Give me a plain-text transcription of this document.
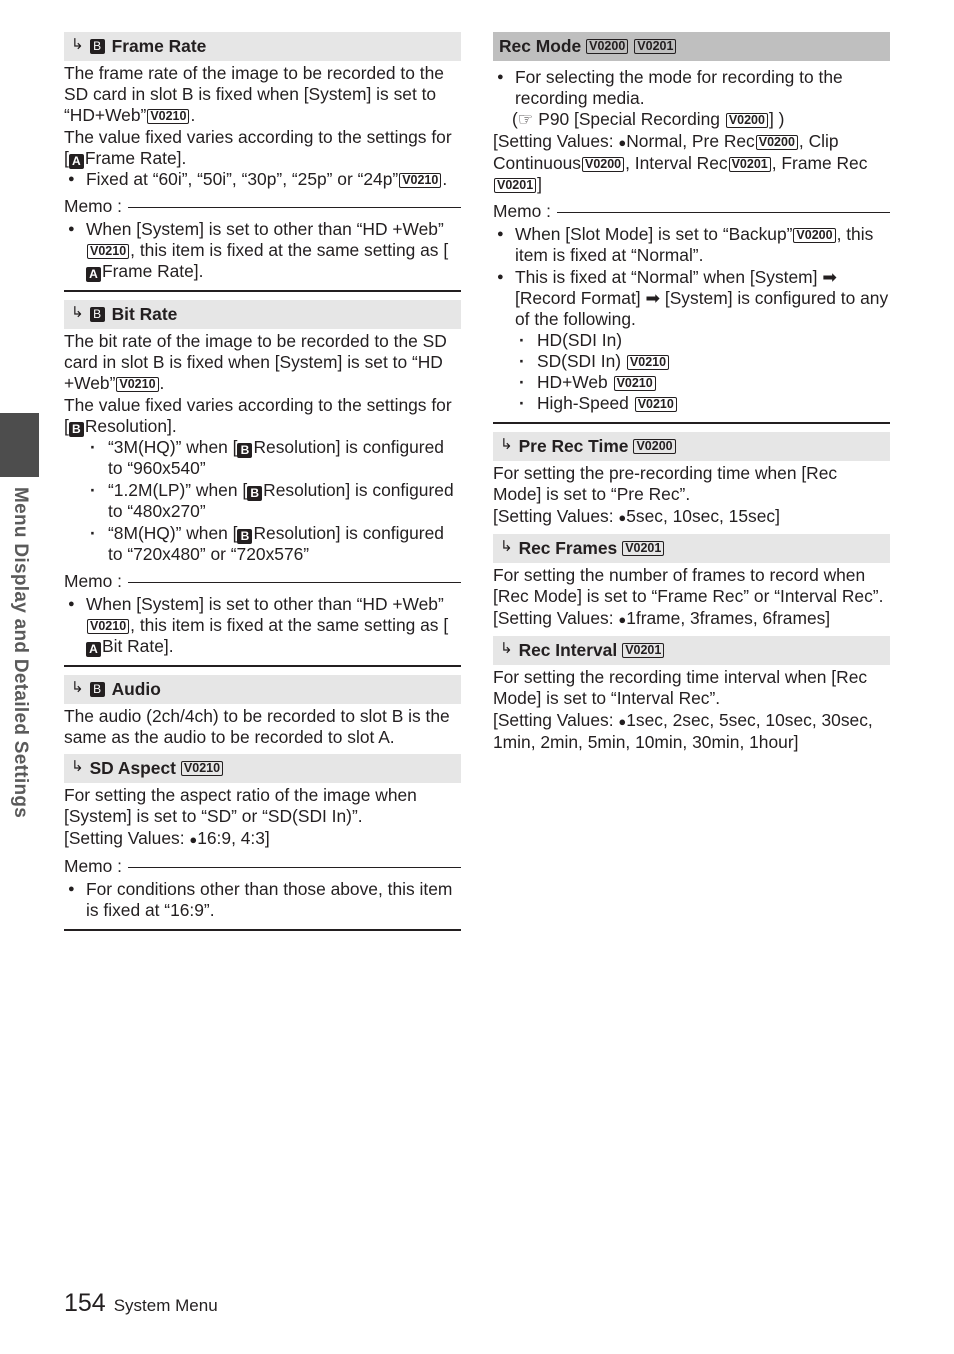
Menu Display and Detailed Settings
↳ B Frame Rate

The frame rate of the image to be recorded to the SD card in slot B is fixed when [System] is set to “HD+Web” V0210 .

The value fixed varies according to the settings for [ A Frame Rate].

● Fixed at “60i”, “50i”, “30p”, “25p” or “24p” V0210 .

Memo :

● When [System] is set to other than “HD +Web”V0210 , this item is fixed at the same setting as [A Frame Rate].

↳ B Bit Rate

The bit rate of the image to be recorded to the SD card in slot B is fixed when [System] is set to “HD +Web” V0210 .

The value fixed varies according to the settings for [ B Resolution].

· “3M(HQ)” when [ B Resolution] is configured to “960x540”

· “1.2M(LP)” when [ B Resolution] is configured to “480x270”

· “8M(HQ)” when [ B Resolution] is configured to “720x480” or “720x576”

Memo :

● When [System] is set to other than “HD +Web”V0210 , this item is fixed at the same setting as [A Bit Rate].

↳ B Audio

The audio (2ch/4ch) to be recorded to slot B is the same as the audio to be recorded to slot A.

↳ SD Aspect V0210

For setting the aspect ratio of the image when [System] is set to “SD” or “SD(SDI In)”.

[Setting Values: ●16:9, 4:3]

Memo :

● For conditions other than those above, this item is fixed at “16:9”.

Rec Mode V0200 V0201

● For selecting the mode for recording to the recording media.

(☞ P90 [Special Recording V0200 ] )

[Setting Values: ●Normal, Pre Rec V0200 , Clip Continuous V0200 , Interval Rec V0201 , Frame RecV0201 ]

Memo :

● When [Slot Mode] is set to “Backup” V0200 , this item is fixed at “Normal”.

● This is fixed at “Normal” when [System] ➡ [Record Format] ➡ [System] is configured to any of the following.

· HD(SDI In)

· SD(SDI In) V0210

· HD+Web V0210

· High-Speed V0210

↳ Pre Rec Time V0200

For setting the pre-recording time when [Rec Mode] is set to “Pre Rec”.

[Setting Values: ●5sec, 10sec, 15sec]

↳ Rec Frames V0201

For setting the number of frames to record when [Rec Mode] is set to “Frame Rec” or “Interval Rec”.

[Setting Values: ●1frame, 3frames, 6frames]

↳ Rec Interval V0201

For setting the recording time interval when [Rec Mode] is set to “Interval Rec”.

[Setting Values: ●1sec, 2sec, 5sec, 10sec, 30sec, 1min, 2min, 5min, 10min, 30min, 1hour]

154 System Menu
